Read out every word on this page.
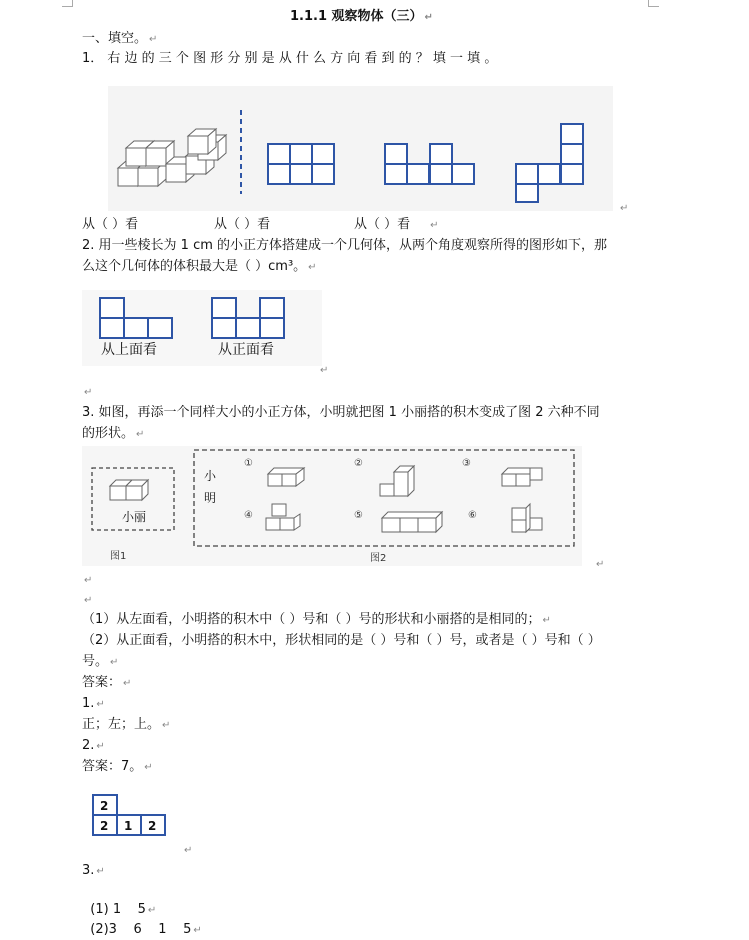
1.1.1 观察物体（三） ↵
一、填空。 ↵
1． 右 边 的 三 个 图 形 分 别 是 从 什 么 方 向 看 到 的 ？ 填 一 填 。
↵
从（ ）看	从（ ）看	从（ ）看 ↵
2. 用一些棱长为 1 cm 的小正方体搭建成一个几何体，从两个角度观察所得的图形如下，那
么这个几何体的体积最大是（ ）cm³。 ↵
从上面看	从正面看
↵
↵
3. 如图，再添一个同样大小的小正方体，小明就把图 1 小丽搭的积木变成了图 2 六种不同
的形状。 ↵
小丽
图1
小
明
图2
①	②	③
④	⑤	⑥
↵
↵
↵
（1）从左面看，小明搭的积木中（ ）号和（ ）号的形状和小丽搭的是相同的； ↵
（2）从正面看，小明搭的积木中，形状相同的是（ ）号和（ ）号，或者是（ ）号和（ ）
号。 ↵
答案： ↵
1. ↵
正；左；上。 ↵
2. ↵
答案：7。 ↵
2
2 1 2
↵
3. ↵

(1) 1    5 ↵

(2)3    6    1    5 ↵
